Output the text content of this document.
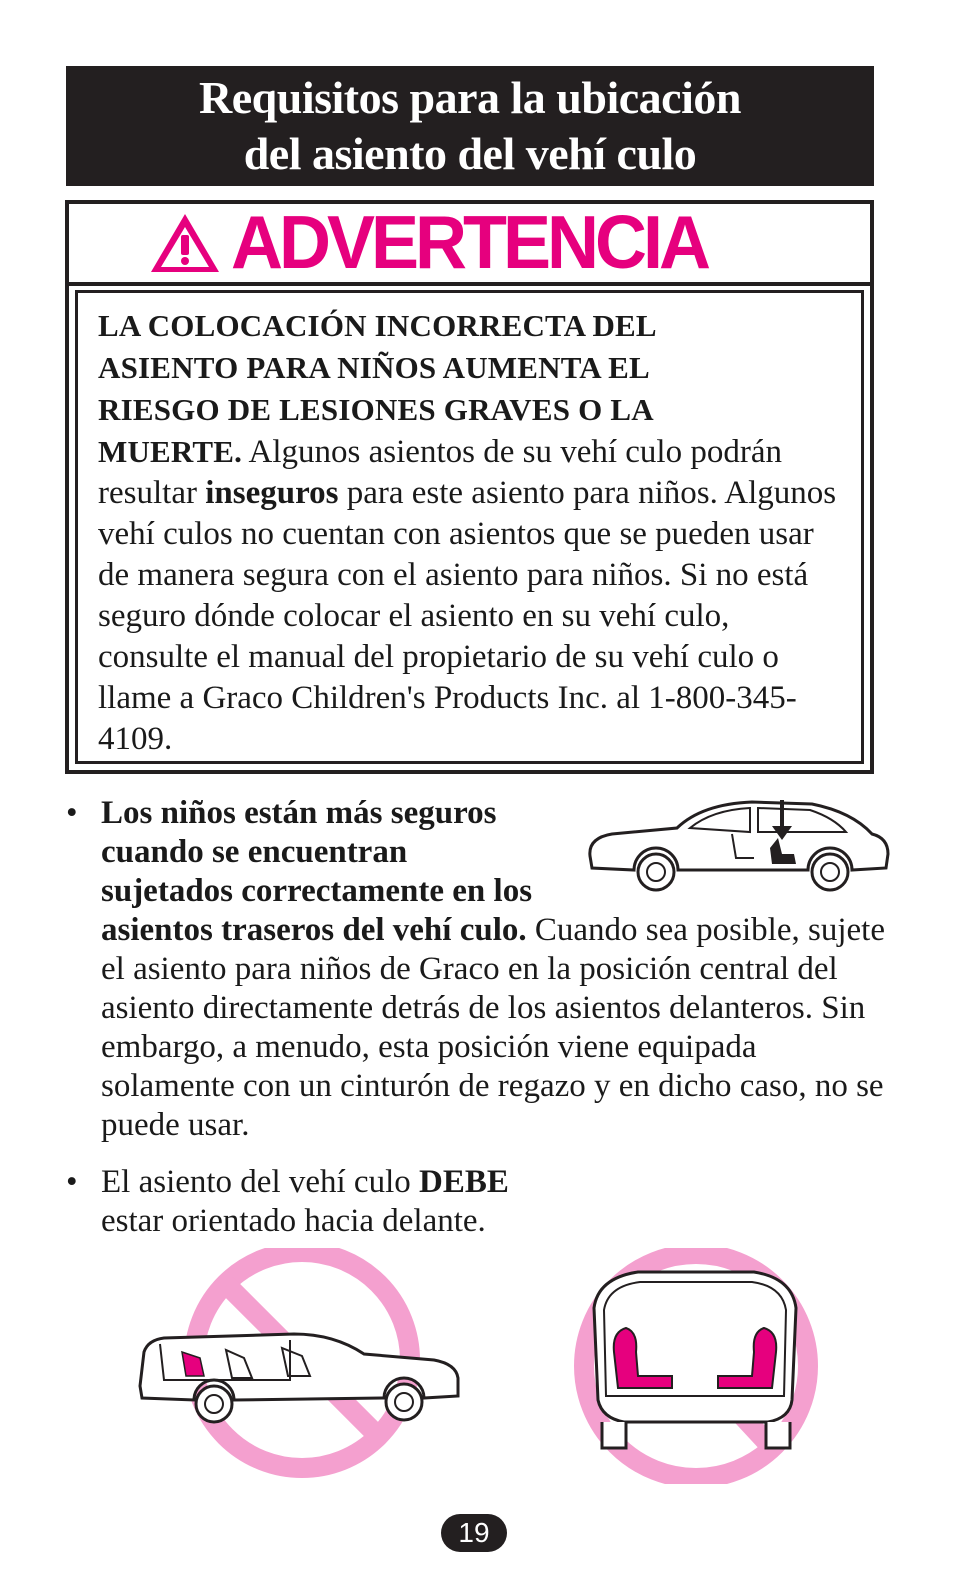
Requisitos para la ubicación
del asiento del vehí culo
ADVERTENCIA
LA COLOCACIÓN INCORRECTA DEL
ASIENTO PARA NIÑOS AUMENTA EL
RIESGO DE LESIONES GRAVES O LA
MUERTE. Algunos asientos de su vehí culo podrán resultar inseguros para este asiento para niños. Algunos vehí culos no cuentan con asientos que se pueden usar de manera segura con el asiento para niños. Si no está seguro dónde colocar el asiento en su vehí culo, consulte el manual del propietario de su vehí culo o llame a Graco Children's Products Inc. al 1-800-345-4109.
• Los niños están más seguros
cuando se encuentran
sujetados correctamente en los
asientos traseros del vehí culo. Cuando sea posible, sujete el asiento para niños de Graco en la posición central del asiento directamente detrás de los asientos delanteros. Sin embargo, a menudo, esta posición viene equipada solamente con un cinturón de regazo y en dicho caso, no se puede usar.
• El asiento del vehí culo DEBE
estar orientado hacia delante.
19
